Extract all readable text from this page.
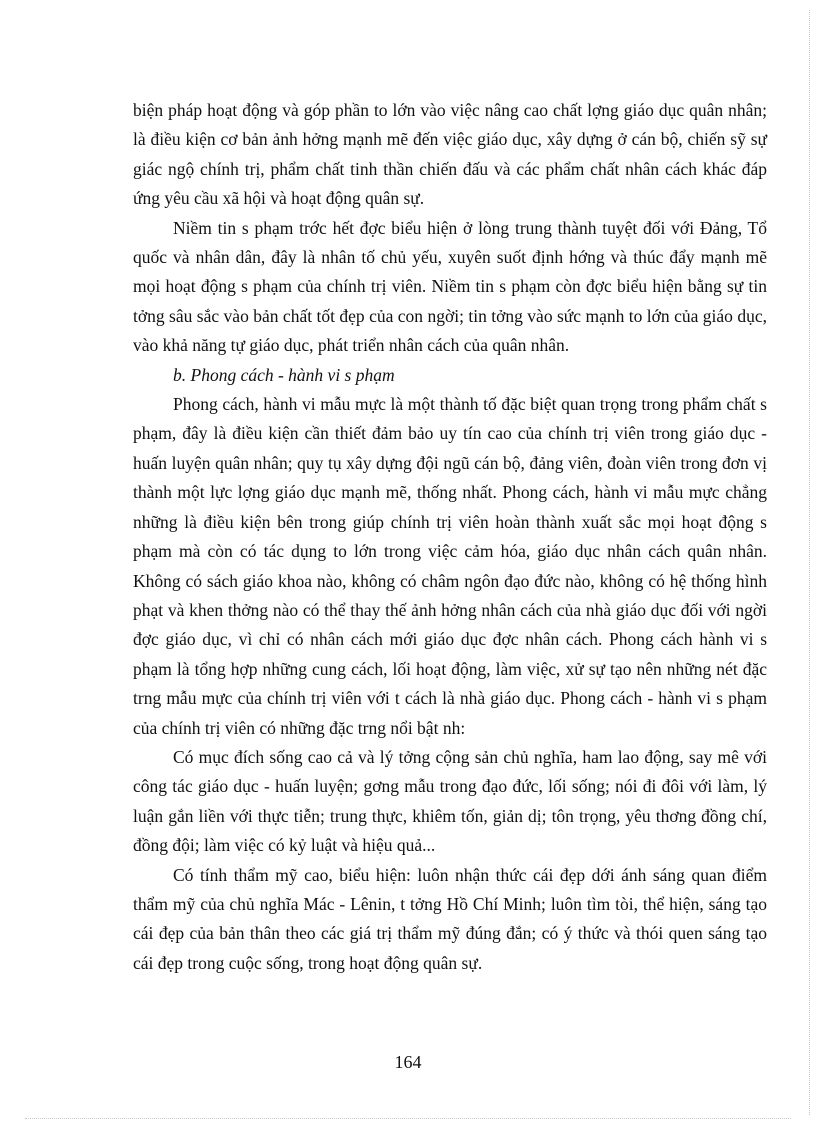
biện pháp hoạt động và góp phần to lớn vào việc nâng cao chất lợng giáo dục quân nhân; là điều kiện cơ bản ảnh hởng mạnh mẽ đến việc giáo dục, xây dựng ở cán bộ, chiến sỹ sự giác ngộ chính trị, phẩm chất tinh thần chiến đấu và các phẩm chất nhân cách khác đáp ứng yêu cầu xã hội và hoạt động quân sự.

Niềm tin s phạm trớc hết đợc biểu hiện ở lòng trung thành tuyệt đối với Đảng, Tổ quốc và nhân dân, đây là nhân tố chủ yếu, xuyên suốt định hớng và thúc đẩy mạnh mẽ mọi hoạt động s phạm của chính trị viên. Niềm tin s phạm còn đợc biểu hiện bằng sự tin tởng sâu sắc vào bản chất tốt đẹp của con ngời; tin tởng vào sức mạnh to lớn của giáo dục, vào khả năng tự giáo dục, phát triển nhân cách của quân nhân.

b. Phong cách - hành vi s phạm

Phong cách, hành vi mẫu mực là một thành tố đặc biệt quan trọng trong phẩm chất s phạm, đây là điều kiện cần thiết đảm bảo uy tín cao của chính trị viên trong giáo dục - huấn luyện quân nhân; quy tụ xây dựng đội ngũ cán bộ, đảng viên, đoàn viên trong đơn vị thành một lực lợng giáo dục mạnh mẽ, thống nhất. Phong cách, hành vi mẫu mực chẳng những là điều kiện bên trong giúp chính trị viên hoàn thành xuất sắc mọi hoạt động s phạm mà còn có tác dụng to lớn trong việc cảm hóa, giáo dục nhân cách quân nhân. Không có sách giáo khoa nào, không có châm ngôn đạo đức nào, không có hệ thống hình phạt và khen thởng nào có thể thay thế ảnh hởng nhân cách của nhà giáo dục đối với ngời đợc giáo dục, vì chỉ có nhân cách mới giáo dục đợc nhân cách. Phong cách hành vi s phạm là tổng hợp những cung cách, lối hoạt động, làm việc, xử sự tạo nên những nét đặc trng mẫu mực của chính trị viên với t cách là nhà giáo dục. Phong cách - hành vi s phạm của chính trị viên có những đặc trng nổi bật nh:

Có mục đích sống cao cả và lý tởng cộng sản chủ nghĩa, ham lao động, say mê với công tác giáo dục - huấn luyện; gơng mẫu trong đạo đức, lối sống; nói đi đôi với làm, lý luận gắn liền với thực tiễn; trung thực, khiêm tốn, giản dị; tôn trọng, yêu thơng đồng chí, đồng đội; làm việc có kỷ luật và hiệu quả...

Có tính thẩm mỹ cao, biểu hiện: luôn nhận thức cái đẹp dới ánh sáng quan điểm thẩm mỹ của chủ nghĩa Mác - Lênin, t tởng Hồ Chí Minh; luôn tìm tòi, thể hiện, sáng tạo cái đẹp của bản thân theo các giá trị thẩm mỹ đúng đắn; có ý thức và thói quen sáng tạo cái đẹp trong cuộc sống, trong hoạt động quân sự.

164
